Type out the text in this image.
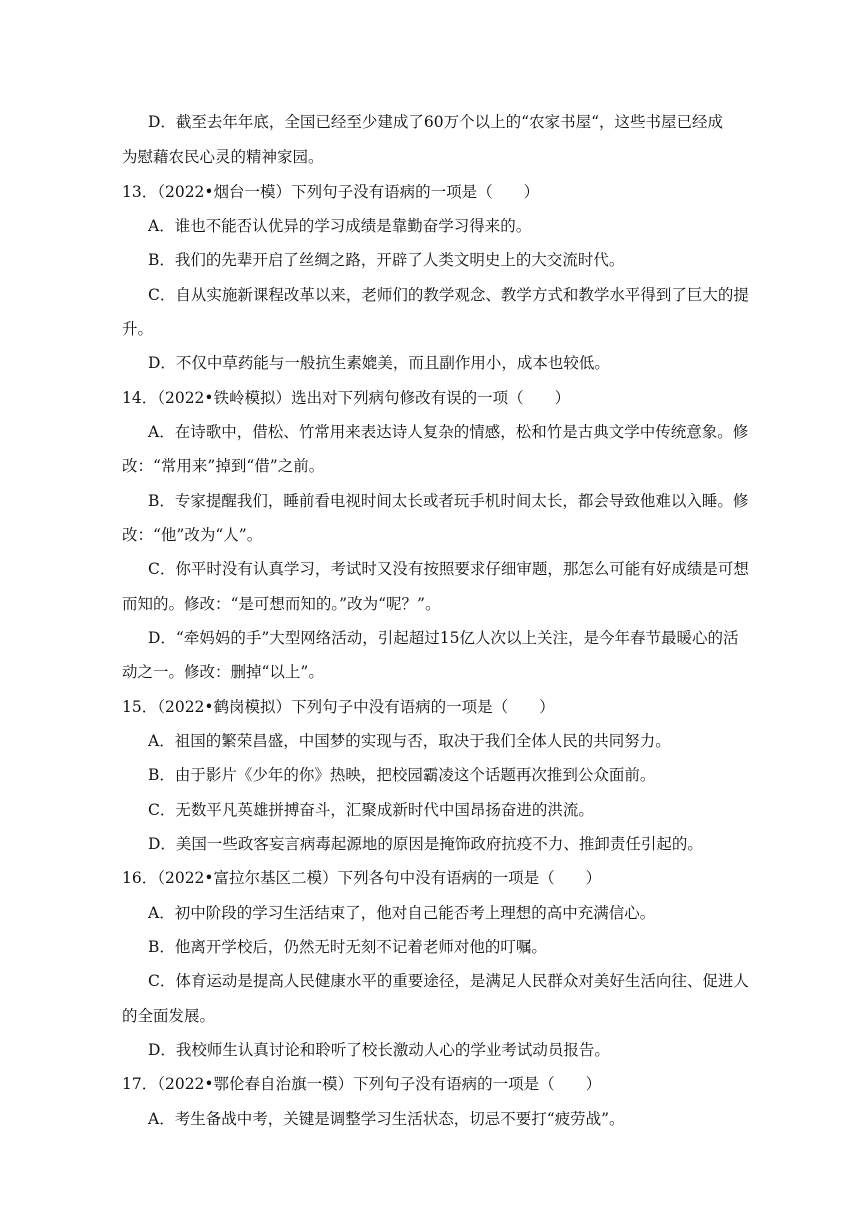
D．截至去年年底，全国已经至少建成了60万个以上的“农家书屋“，这些书屋已经成
为慰藉农民心灵的精神家园。
13．（2022•烟台一模）下列句子没有语病的一项是（　　）
A．谁也不能否认优异的学习成绩是靠勤奋学习得来的。
B．我们的先辈开启了丝绸之路，开辟了人类文明史上的大交流时代。
C．自从实施新课程改革以来，老师们的教学观念、教学方式和教学水平得到了巨大的提
升。
D．不仅中草药能与一般抗生素媲美，而且副作用小，成本也较低。
14．（2022•铁岭模拟）选出对下列病句修改有误的一项（　　）
A．在诗歌中，借松、竹常用来表达诗人复杂的情感，松和竹是古典文学中传统意象。修
改：“常用来”掉到“借”之前。
B．专家提醒我们，睡前看电视时间太长或者玩手机时间太长，都会导致他难以入睡。修
改：“他”改为“人”。
C．你平时没有认真学习，考试时又没有按照要求仔细审题，那怎么可能有好成绩是可想
而知的。修改：“是可想而知的。”改为“呢？”。
D．“牵妈妈的手”大型网络活动，引起超过15亿人次以上关注，是今年春节最暖心的活
动之一。修改：删掉“以上”。
15．（2022•鹤岗模拟）下列句子中没有语病的一项是（　　）
A．祖国的繁荣昌盛，中国梦的实现与否，取决于我们全体人民的共同努力。
B．由于影片《少年的你》热映，把校园霸凌这个话题再次推到公众面前。
C．无数平凡英雄拼搏奋斗，汇聚成新时代中国昂扬奋进的洪流。
D．美国一些政客妄言病毒起源地的原因是掩饰政府抗疫不力、推卸责任引起的。
16．（2022•富拉尔基区二模）下列各句中没有语病的一项是（　　）
A．初中阶段的学习生活结束了，他对自己能否考上理想的高中充满信心。
B．他离开学校后，仍然无时无刻不记着老师对他的叮嘱。
C．体育运动是提高人民健康水平的重要途径，是满足人民群众对美好生活向往、促进人
的全面发展。
D．我校师生认真讨论和聆听了校长激动人心的学业考试动员报告。
17．（2022•鄂伦春自治旗一模）下列句子没有语病的一项是（　　）
A．考生备战中考，关键是调整学习生活状态，切忌不要打“疲劳战”。
